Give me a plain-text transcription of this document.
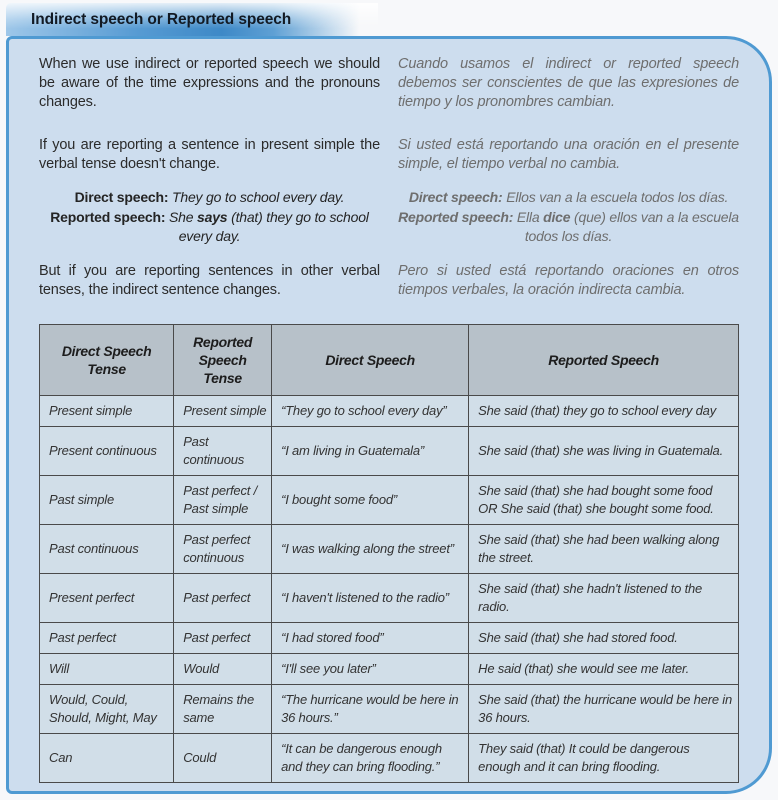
Indirect speech or Reported speech

When we use indirect or reported speech we should be aware of the time expressions and the pronouns changes.

Cuando usamos el indirect or reported speech debemos ser conscientes de que las expresiones de tiempo y los pronombres cambian.

If you are reporting a sentence in present simple the verbal tense doesn't change.

Si usted está reportando una oración en el presente simple, el tiempo verbal no cambia.

Direct speech: They go to school every day.
Reported speech: She says (that) they go to school
every day.
Direct speech: Ellos van a la escuela todos los días.
Reported speech: Ella dice (que) ellos van a la escuela
todos los días.

But if you are reporting sentences in other verbal tenses, the indirect sentence changes.

Pero si usted está reportando oraciones en otros tiempos verbales, la oración indirecta cambia.

Direct Speech Tense	Reported Speech Tense	Direct Speech	Reported Speech
Present simple	Present simple	“They go to school every day”	She said (that) they go to school every day
Present continuous	Past continuous	“I am living in Guatemala”	She said (that) she was living in Guatemala.
Past simple	Past perfect / Past simple	“I bought some food”	She said (that) she had bought some food OR She said (that) she bought some food.
Past continuous	Past perfect continuous	“I was walking along the street”	She said (that) she had been walking along the street.
Present perfect	Past perfect	“I haven't listened to the radio”	She said (that) she hadn't listened to the radio.
Past perfect	Past perfect	“I had stored food”	She said (that) she had stored food.
Will	Would	“I'll see you later”	He said (that) she would see me later.
Would, Could, Should, Might, May	Remains the same	“The hurricane would be here in 36 hours.”	She said (that) the hurricane would be here in 36 hours.
Can	Could	“It can be dangerous enough and they can bring flooding.”	They said (that) It could be dangerous enough and it can bring flooding.
